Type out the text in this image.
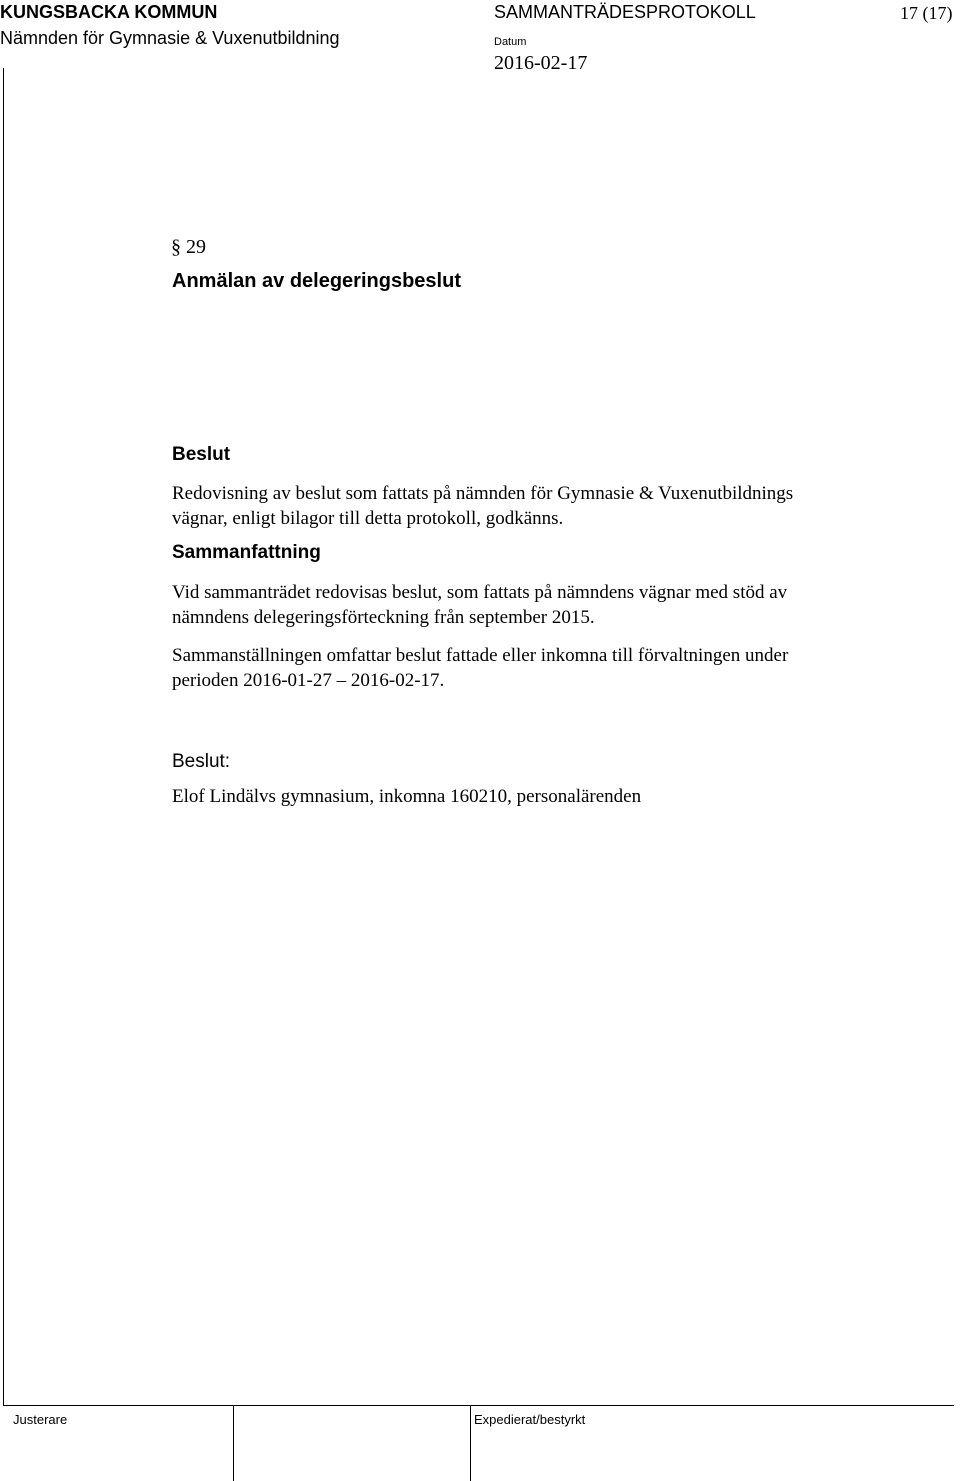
KUNGSBACKA KOMMUN
Nämnden för Gymnasie & Vuxenutbildning
SAMMANTRÄDESPROTOKOLL	17 (17)
Datum
2016-02-17
§ 29
Anmälan av delegeringsbeslut
Beslut
Redovisning av beslut som fattats på nämnden för Gymnasie & Vuxenutbildnings
vägnar, enligt bilagor till detta protokoll, godkänns.
Sammanfattning
Vid sammanträdet redovisas beslut, som fattats på nämndens vägnar med stöd av
nämndens delegeringsförteckning från september 2015.
Sammanställningen omfattar beslut fattade eller inkomna till förvaltningen under
perioden 2016-01-27 – 2016-02-17.
Beslut:
Elof Lindälvs gymnasium, inkomna 160210, personalärenden
Justerare	Expedierat/bestyrkt
